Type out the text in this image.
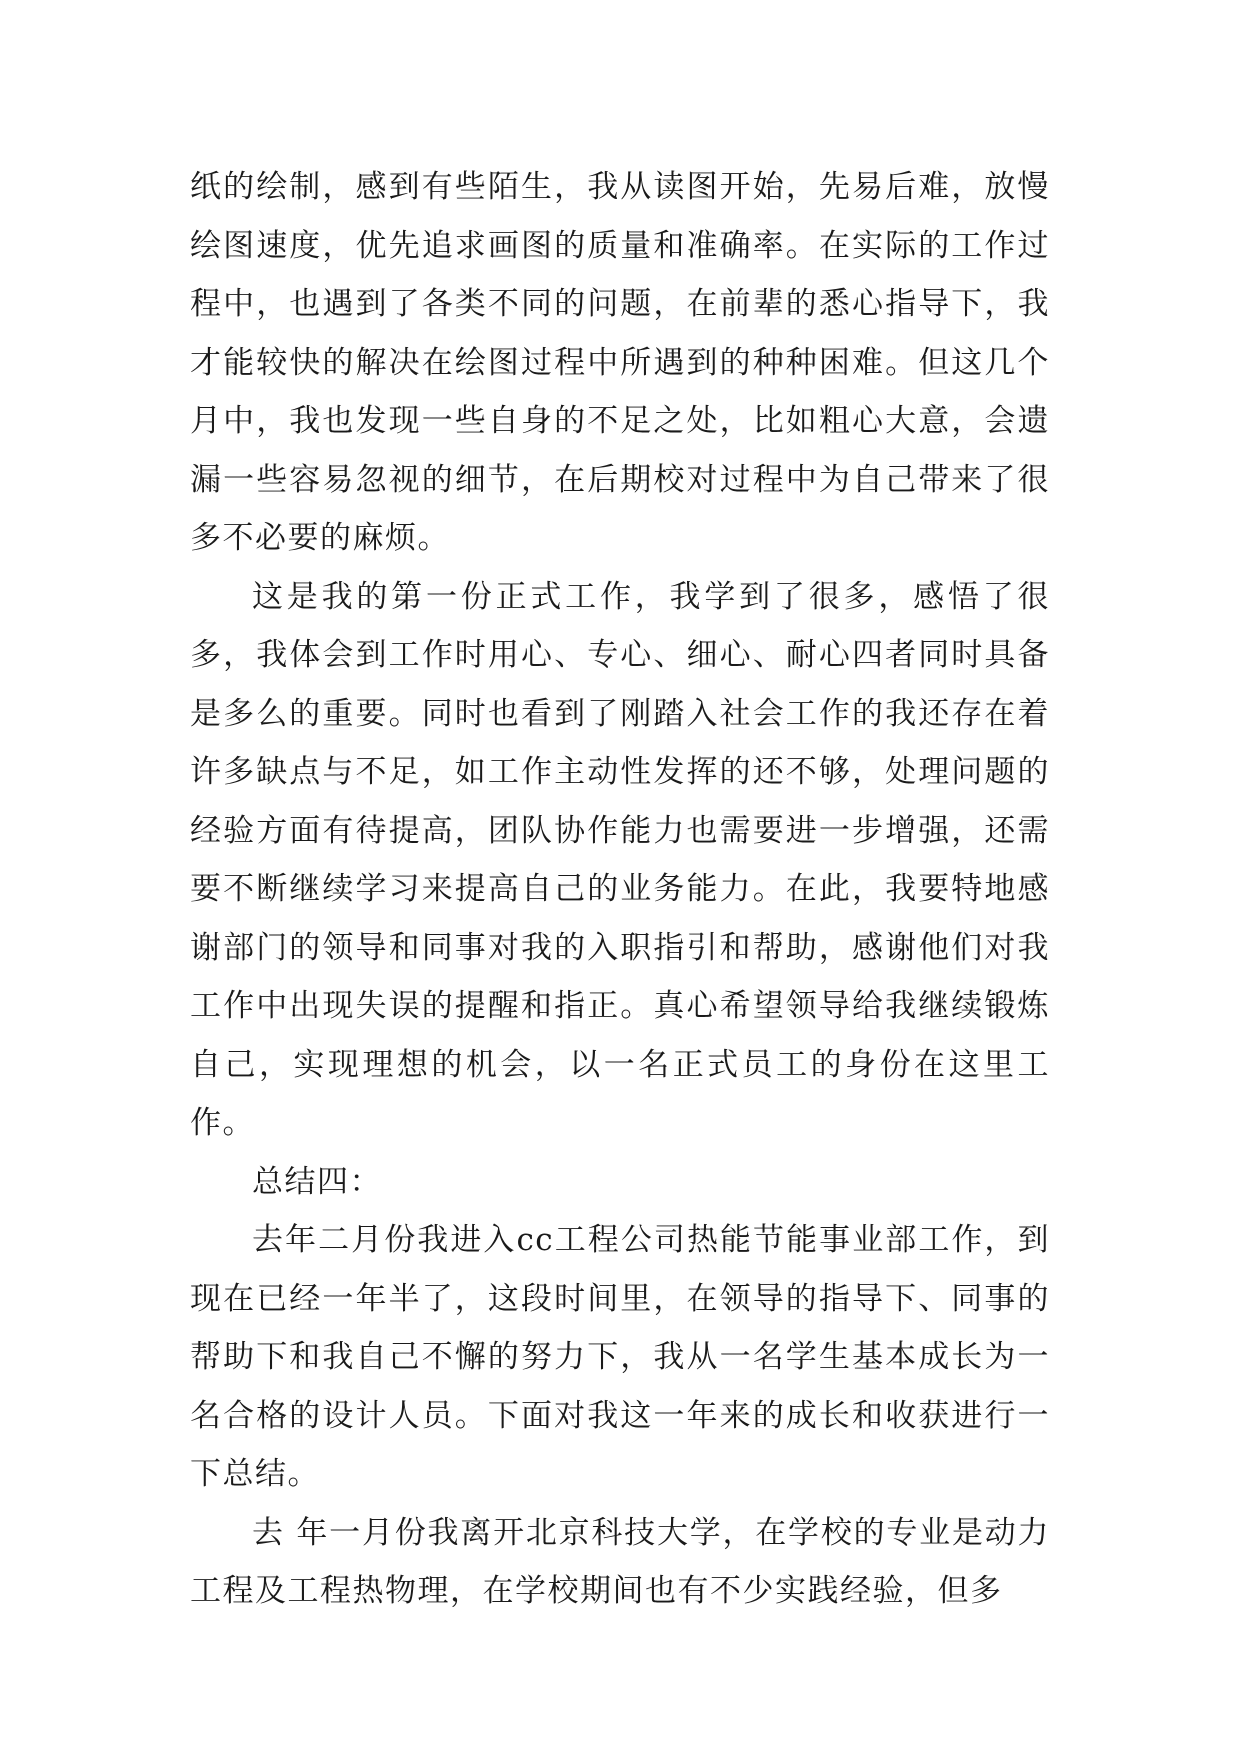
纸的绘制，感到有些陌生，我从读图开始，先易后难，放慢绘图速度，优先追求画图的质量和准确率。在实际的工作过程中，也遇到了各类不同的问题，在前辈的悉心指导下，我才能较快的解决在绘图过程中所遇到的种种困难。但这几个月中，我也发现一些自身的不足之处，比如粗心大意，会遗漏一些容易忽视的细节，在后期校对过程中为自己带来了很多不必要的麻烦。

这是我的第一份正式工作，我学到了很多，感悟了很多，我体会到工作时用心、专心、细心、耐心四者同时具备是多么的重要。同时也看到了刚踏入社会工作的我还存在着许多缺点与不足，如工作主动性发挥的还不够，处理问题的经验方面有待提高，团队协作能力也需要进一步增强，还需要不断继续学习来提高自己的业务能力。在此，我要特地感谢部门的领导和同事对我的入职指引和帮助，感谢他们对我工作中出现失误的提醒和指正。真心希望领导给我继续锻炼自己，实现理想的机会，以一名正式员工的身份在这里工作。

总结四：

去年二月份我进入cc工程公司热能节能事业部工作，到现在已经一年半了，这段时间里，在领导的指导下、同事的帮助下和我自己不懈的努力下，我从一名学生基本成长为一名合格的设计人员。下面对我这一年来的成长和收获进行一下总结。

去 年一月份我离开北京科技大学，在学校的专业是动力工程及工程热物理，在学校期间也有不少实践经验，但多
